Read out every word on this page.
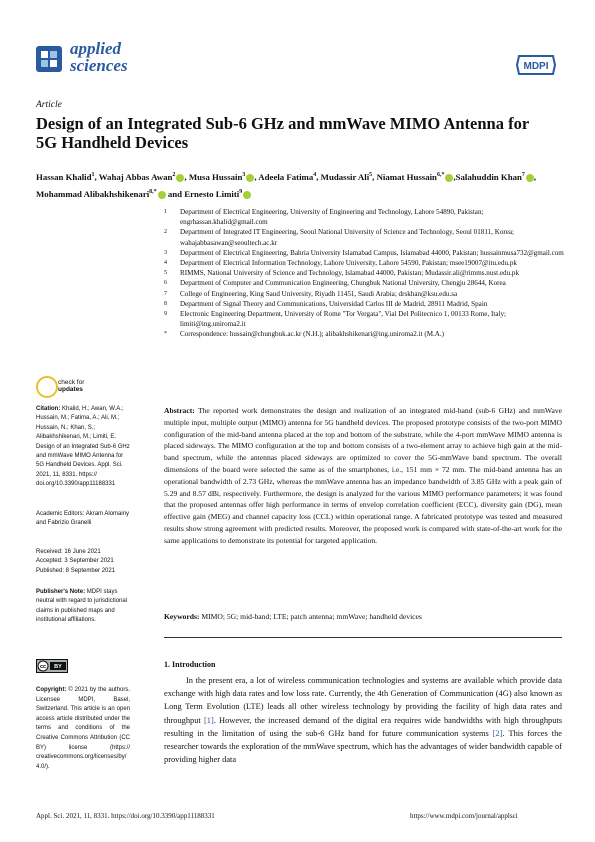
applied
sciences	MDPI
Article
Design of an Integrated Sub-6 GHz and mmWave MIMO Antenna for 5G Handheld Devices
Hassan Khalid$^1$, Wahaj Abbas Awan$^2$ , Musa Hussain$^3$ , Adeela Fatima$^4$, Mudassir Ali$^5$, Niamat Hussain$^{6,*}$ ,Salahuddin Khan$^7$ , Mohammad Alibakhshikenari$^{8,*}$ and Ernesto Limiti$^9$
1	Department of Electrical Engineering, University of Engineering and Technology, Lahore 54890, Pakistan; engrhassan.khalid@gmail.com
2	Department of Integrated IT Engineering, Seoul National University of Science and Technology, Seoul 01811, Korea; wahajabbasawan@seoultech.ac.kr
3	Department of Electrical Engineering, Bahria University Islamabad Campus, Islamabad 44000, Pakistan; hussainmusa732@gmail.com
4	Department of Electrical Information Technology, Lahore University, Lahore 54590, Pakistan; msee19007@itu.edu.pk
5	RIMMS, National University of Science and Technology, Islamabad 44000, Pakistan; Mudassir.ali@rimms.nust.edu.pk
6	Department of Computer and Communication Engineering, Chungbuk National University, Chengju 28644, Korea
7	College of Engineering, King Saud University, Riyadh 11451, Saudi Arabia; drskhan@ksu.edu.sa
8	Department of Signal Theory and Communications, Universidad Carlos III de Madrid, 28911 Madrid, Spain
9	Electronic Engineering Department, University of Rome "Tor Vergata", Vial Del Politecnico 1, 00133 Rome, Italy; limiti@ing.uniroma2.it
*	Correspondence: hussain@chungbuk.ac.kr (N.H.); alibakhshikenari@ing.uniroma2.it (M.A.)
check for
updates
Citation: Khalid, H.; Awan, W.A.; Hussain, M.; Fatima, A.; Ali, M.; Hussain, N.; Khan, S.; Alibakhshikenari, M.; Limiti, E. Design of an Integrated Sub-6 GHz and mmWave MIMO Antenna for 5G Handheld Devices. Appl. Sci. 2021, 11, 8331. https:// doi.org/10.3390/app11188331
Academic Editors: Akram Alomainy and Fabrizio Granelli
Received: 16 June 2021
Accepted: 3 September 2021
Published: 8 September 2021
Publisher's Note: MDPI stays neutral with regard to jurisdictional claims in published maps and institutional affiliations.
cc BY
Copyright: © 2021 by the authors. Licensee MDPI, Basel, Switzerland. This article is an open access article distributed under the terms and conditions of the Creative Commons Attribution (CC BY) license (https:// creativecommons.org/licenses/by/ 4.0/).
Abstract: The reported work demonstrates the design and realization of an integrated mid-band (sub-6 GHz) and mmWave multiple input, multiple output (MIMO) antenna for 5G handheld devices. The proposed prototype consists of the two-port MIMO configuration of the mid-band antenna placed at the top and bottom of the substrate, while the 4-port mmWave MIMO antenna is placed sideways. The MIMO configuration at the top and bottom consists of a two-element array to achieve high gain at the mid-band spectrum, while the antennas placed sideways are optimized to cover the 5G-mmWave band spectrum. The overall dimensions of the board were selected the same as of the smartphones, i.e., 151 mm × 72 mm. The mid-band antenna has an operational bandwidth of 2.73 GHz, whereas the mmWave antenna has an impedance bandwidth of 3.85 GHz with a peak gain of 5.29 and 8.57 dBi, respectively. Furthermore, the design is analyzed for the various MIMO performance parameters; it was found that the proposed antennas offer high performance in terms of envelop correlation coefficient (ECC), diversity gain (DG), mean effective gain (MEG) and channel capacity loss (CCL) within operational range. A fabricated prototype was tested and measured results show strong agreement with predicted results. Moreover, the proposed work is compared with state-of-the-art work for the same applications to demonstrate its potential for targeted application.
Keywords: MIMO; 5G; mid-band; LTE; patch antenna; mmWave; handheld devices
1. Introduction
In the present era, a lot of wireless communication technologies and systems are available which provide data exchange with high data rates and low loss rate. Currently, the 4th Generation of Communication (4G) also known as Long Term Evolution (LTE) leads all other wireless technology by providing the facility of high data rates and throughput [1]. However, the increased demand of the digital era requires wide bandwidths with high throughputs resulting in the limitation of using the sub-6 GHz band for future communication systems [2]. This forces the researcher towards the exploration of the mmWave spectrum, which has the advantages of wider bandwidth capable of providing higher data
Appl. Sci. 2021, 11, 8331. https://doi.org/10.3390/app11188331	https://www.mdpi.com/journal/applsci
